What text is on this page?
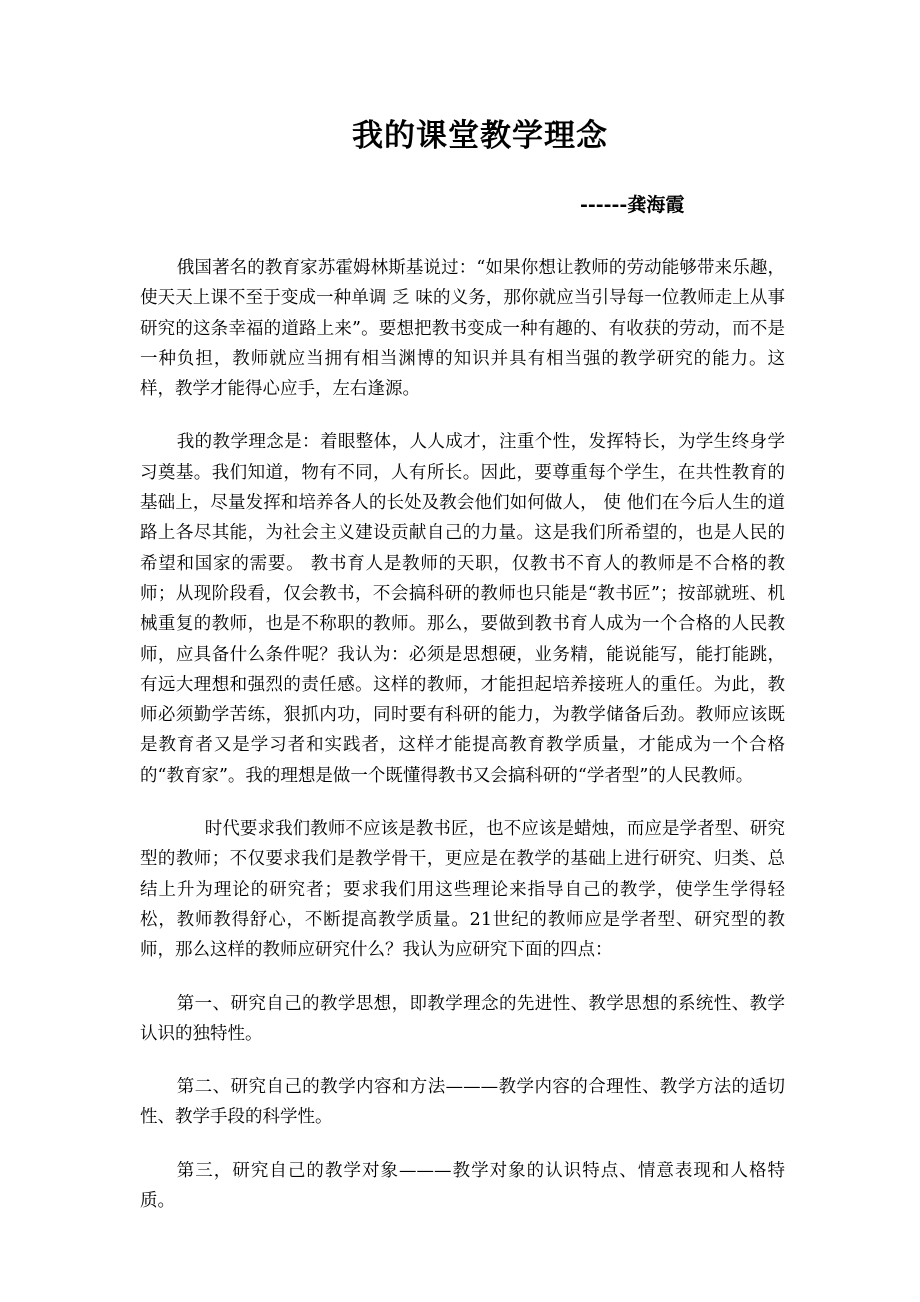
我的课堂教学理念
------龚海霞

俄国著名的教育家苏霍姆林斯基说过：“如果你想让教师的劳动能够带来乐趣，使天天上课不至于变成一种单调 乏 味的义务，那你就应当引导每一位教师走上从事研究的这条幸福的道路上来”。要想把教书变成一种有趣的、有收获的劳动，而不是一种负担，教师就应当拥有相当渊博的知识并具有相当强的教学研究的能力。这样，教学才能得心应手，左右逢源。

我的教学理念是：着眼整体，人人成才，注重个性，发挥特长，为学生终身学习奠基。我们知道，物有不同，人有所长。因此，要尊重每个学生，在共性教育的基础上，尽量发挥和培养各人的长处及教会他们如何做人， 使 他们在今后人生的道路上各尽其能，为社会主义建设贡献自己的力量。这是我们所希望的，也是人民的希望和国家的需要。 教书育人是教师的天职，仅教书不育人的教师是不合格的教师；从现阶段看，仅会教书，不会搞科研的教师也只能是“教书匠”；按部就班、机械重复的教师，也是不称职的教师。那么，要做到教书育人成为一个合格的人民教师，应具备什么条件呢？我认为：必须是思想硬，业务精，能说能写，能打能跳，有远大理想和强烈的责任感。这样的教师，才能担起培养接班人的重任。为此，教师必须勤学苦练，狠抓内功，同时要有科研的能力，为教学储备后劲。教师应该既是教育者又是学习者和实践者，这样才能提高教育教学质量，才能成为一个合格的“教育家”。我的理想是做一个既懂得教书又会搞科研的“学者型”的人民教师。

时代要求我们教师不应该是教书匠，也不应该是蜡烛，而应是学者型、研究型的教师；不仅要求我们是教学骨干，更应是在教学的基础上进行研究、归类、总结上升为理论的研究者；要求我们用这些理论来指导自己的教学，使学生学得轻松，教师教得舒心，不断提高教学质量。21世纪的教师应是学者型、研究型的教师，那么这样的教师应研究什么？我认为应研究下面的四点：

第一、研究自己的教学思想，即教学理念的先进性、教学思想的系统性、教学认识的独特性。

第二、研究自己的教学内容和方法———教学内容的合理性、教学方法的适切性、教学手段的科学性。

第三，研究自己的教学对象———教学对象的认识特点、情意表现和人格特质。
